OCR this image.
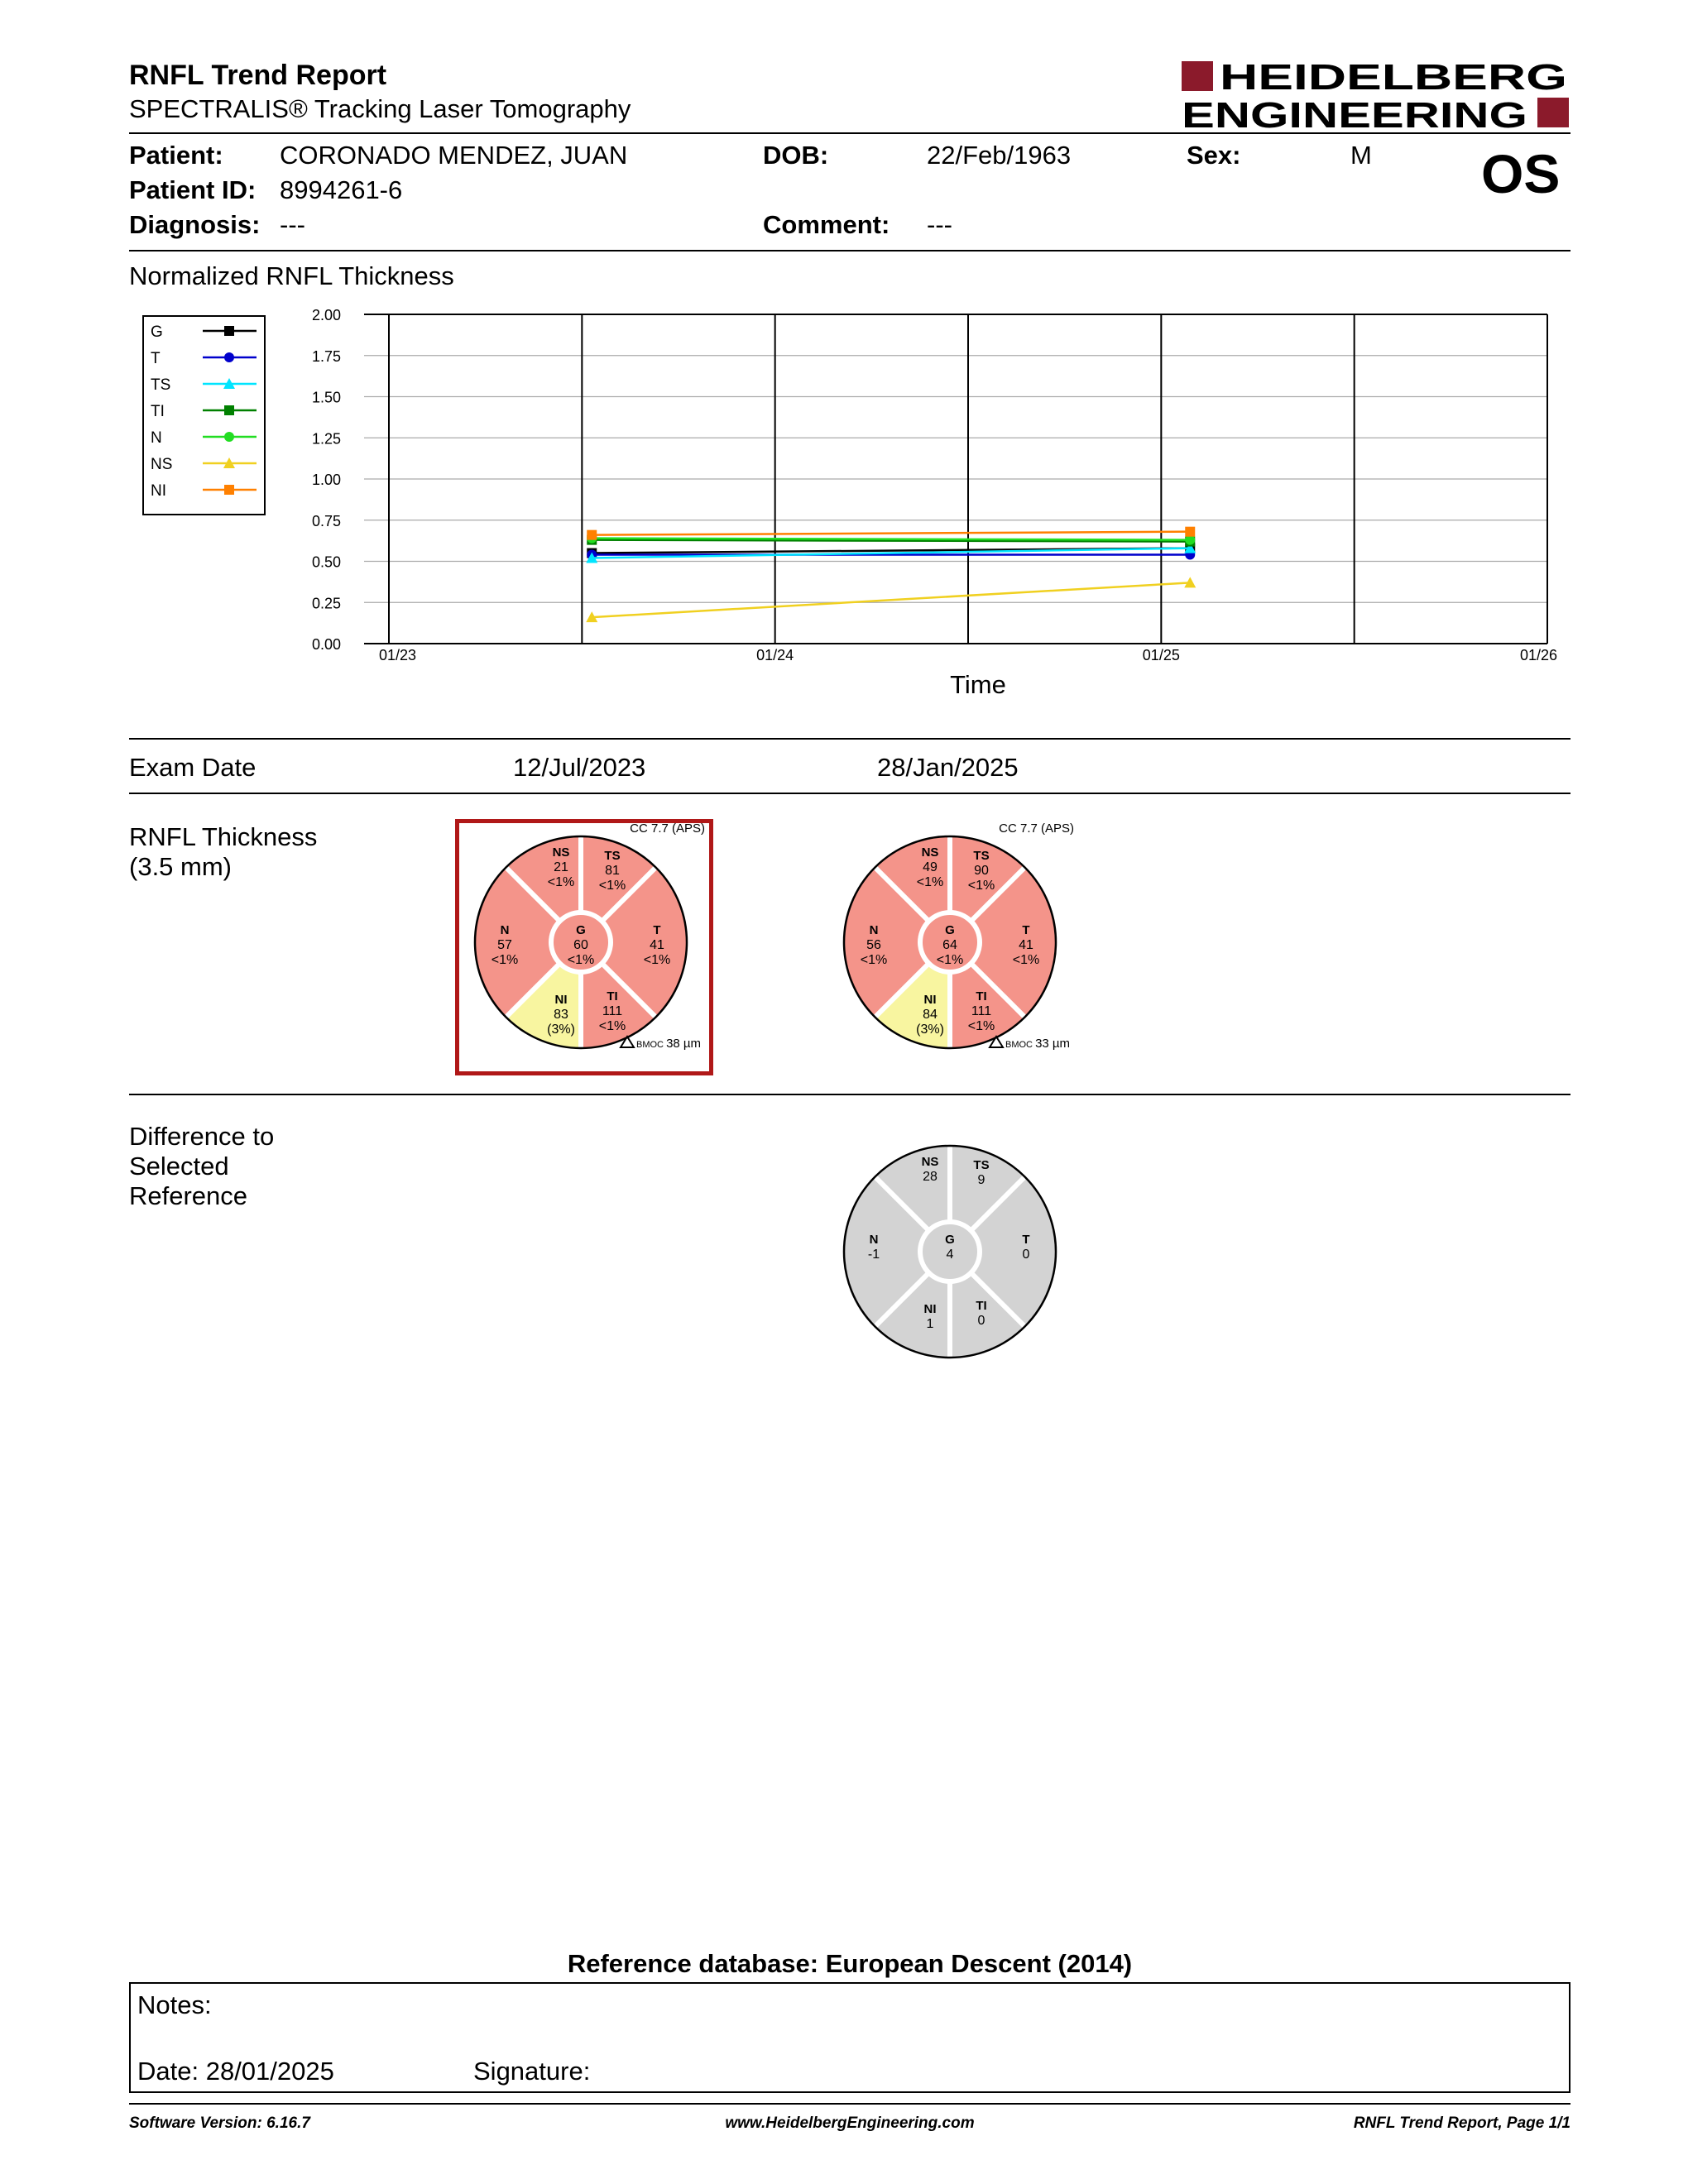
RNFL Trend Report
SPECTRALIS® Tracking Laser Tomography
HEIDELBERG
ENGINEERING
Patient: CORONADO MENDEZ, JUAN	DOB:	22/Feb/1963	Sex:	M OS
Patient ID: 8994261-6
Diagnosis: ---	Comment: ---
Normalized RNFL Thickness
G
T
TS
TI
N
NS
NI
2.00
1.75
1.50
1.25
1.00
0.75
0.50
0.25
0.00
01/23	01/24	01/25	01/26
Time
Exam Date	12/Jul/2023	28/Jan/2025
RNFL Thickness
(3.5 mm)	NS
21
<1%
TS
81
<1%
N
57
<1%
G
60
<1%
T
41
<1%
NI
83
(3%)
TI
111
<1%
CC 7.7 (APS)
BMOC 38 µm
NS
49
<1%
TS
90
<1%
N
56
<1%
G
64
<1%
T
41
<1%
NI
84
(3%)
TI
111
<1%
CC 7.7 (APS)
BMOC 33 µm
Difference to
Selected
Reference
NS
28
TS
9
N
-1
G
4
T
0
NI
1
TI
0
Reference database: European Descent (2014)
Notes:
Date: 28/01/2025	Signature:
Software Version: 6.16.7	www.HeidelbergEngineering.com	RNFL Trend Report, Page 1/1
